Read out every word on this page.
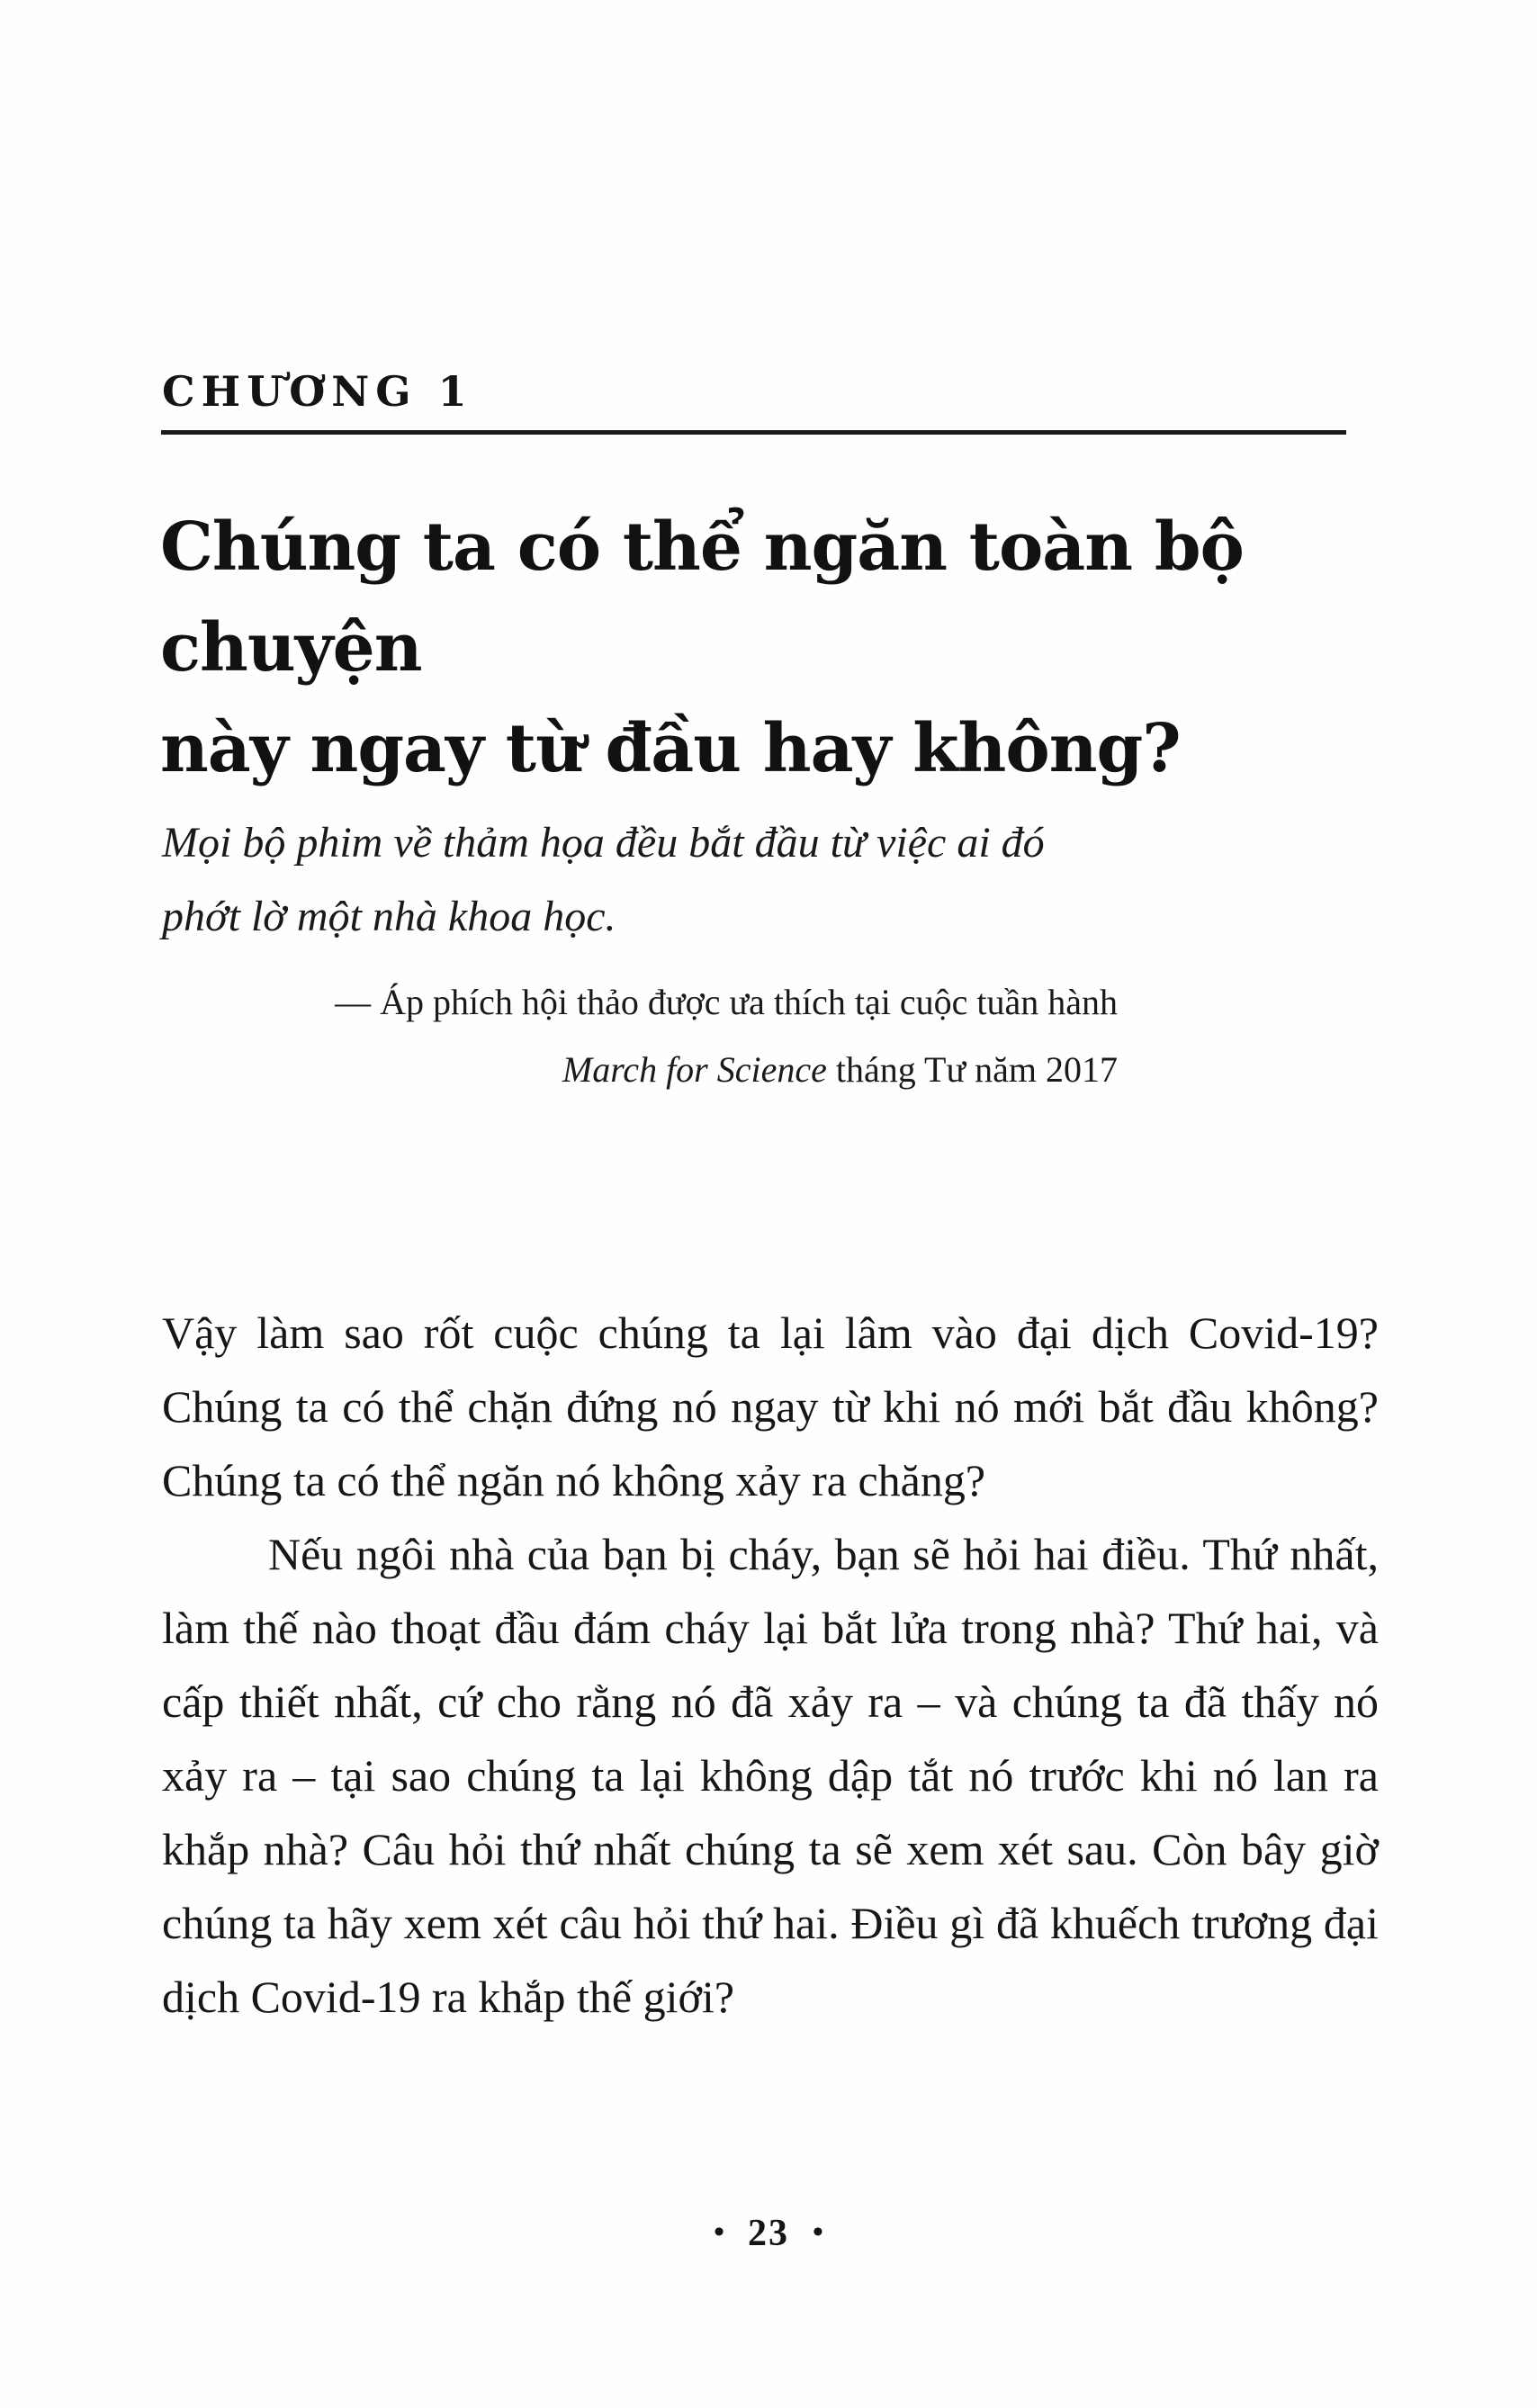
CHƯƠNG 1
Chúng ta có thể ngăn toàn bộ chuyện
này ngay từ đầu hay không?
Mọi bộ phim về thảm họa đều bắt đầu từ việc ai đó
phớt lờ một nhà khoa học.
— Áp phích hội thảo được ưa thích tại cuộc tuần hành
March for Science tháng Tư năm 2017

Vậy làm sao rốt cuộc chúng ta lại lâm vào đại dịch Covid-19? Chúng ta có thể chặn đứng nó ngay từ khi nó mới bắt đầu không? Chúng ta có thể ngăn nó không xảy ra chăng?

Nếu ngôi nhà của bạn bị cháy, bạn sẽ hỏi hai điều. Thứ nhất, làm thế nào thoạt đầu đám cháy lại bắt lửa trong nhà? Thứ hai, và cấp thiết nhất, cứ cho rằng nó đã xảy ra – và chúng ta đã thấy nó xảy ra – tại sao chúng ta lại không dập tắt nó trước khi nó lan ra khắp nhà? Câu hỏi thứ nhất chúng ta sẽ xem xét sau. Còn bây giờ chúng ta hãy xem xét câu hỏi thứ hai. Điều gì đã khuếch trương đại dịch Covid-19 ra khắp thế giới?

• 23 •
